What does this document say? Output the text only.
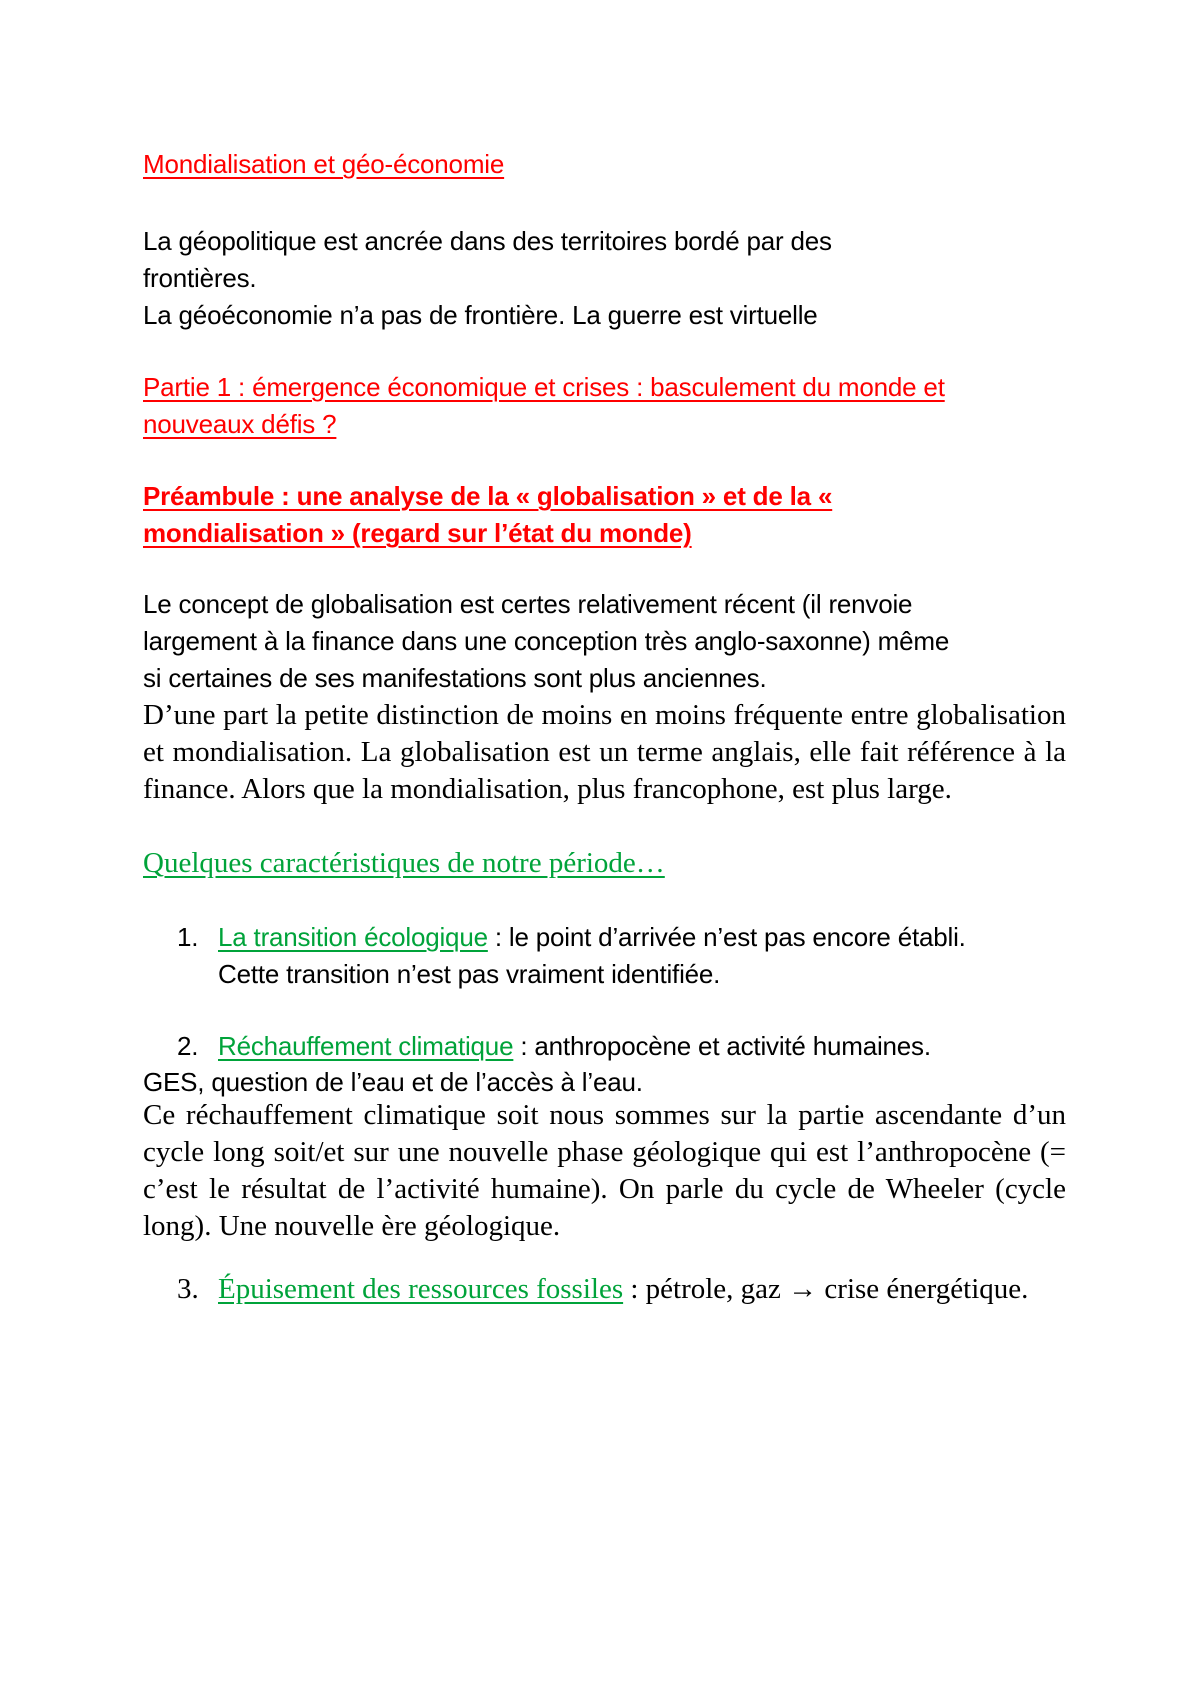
Mondialisation et géo-économie

La géopolitique est ancrée dans des territoires bordé par des frontières.

La géoéconomie n’a pas de frontière. La guerre est virtuelle

Partie 1 : émergence économique et crises : basculement du monde et nouveaux défis ?

Préambule : une analyse de la « globalisation » et de la « mondialisation » (regard sur l’état du monde)

Le concept de globalisation est certes relativement récent (il renvoie largement à la finance dans une conception très anglo-saxonne) même si certaines de ses manifestations sont plus anciennes.

D’une part la petite distinction de moins en moins fréquente entre globalisation et mondialisation. La globalisation est un terme anglais, elle fait référence à la finance. Alors que la mondialisation, plus francophone, est plus large.

Quelques caractéristiques de notre période…

1. La transition écologique : le point d’arrivée n’est pas encore établi. Cette transition n’est pas vraiment identifiée.

2. Réchauffement climatique : anthropocène et activité humaines.

GES, question de l’eau et de l’accès à l’eau.

Ce réchauffement climatique soit nous sommes sur la partie ascendante d’un cycle long soit/et sur une nouvelle phase géologique qui est l’anthropocène (= c’est le résultat de l’activité humaine). On parle du cycle de Wheeler (cycle long). Une nouvelle ère géologique.

3. Épuisement des ressources fossiles : pétrole, gaz → crise énergétique.
